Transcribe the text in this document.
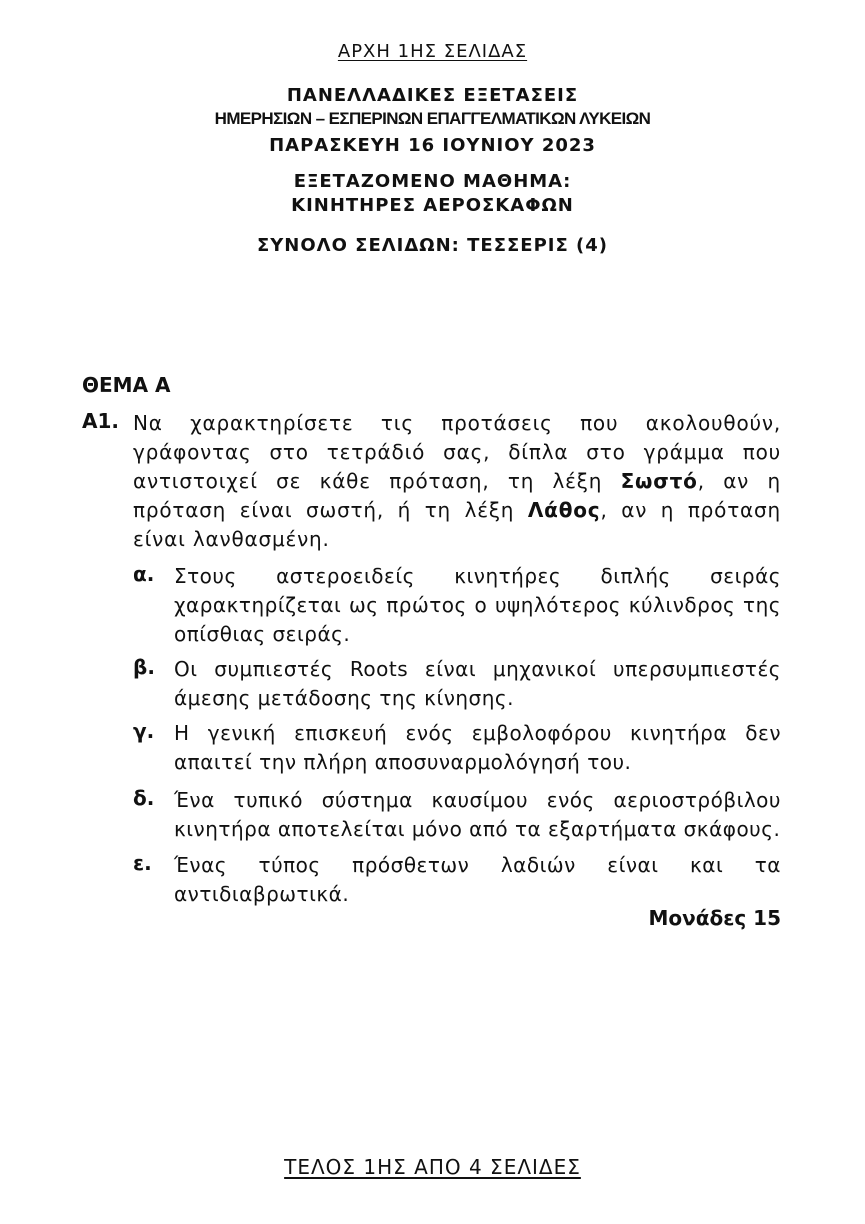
ΑΡΧΗ 1ΗΣ ΣΕΛΙΔΑΣ
ΠΑΝΕΛΛΑΔΙΚΕΣ ΕΞΕΤΑΣΕΙΣ
ΗΜΕΡΗΣΙΩΝ – ΕΣΠΕΡΙΝΩΝ ΕΠΑΓΓΕΛΜΑΤΙΚΩΝ ΛΥΚΕΙΩΝ
ΠΑΡΑΣΚΕΥΗ 16 ΙΟΥΝΙΟΥ 2023
ΕΞΕΤΑΖΟΜΕΝΟ ΜΑΘΗΜΑ:
ΚΙΝΗΤΗΡΕΣ ΑΕΡΟΣΚΑΦΩΝ
ΣΥΝΟΛΟ ΣΕΛΙΔΩΝ: ΤΕΣΣΕΡΙΣ (4)
ΘΕΜΑ Α
Α1. Να χαρακτηρίσετε τις προτάσεις που ακολουθούν, γράφοντας στο τετράδιό σας, δίπλα στο γράμμα που αντιστοιχεί σε κάθε πρόταση, τη λέξη Σωστό, αν η πρόταση είναι σωστή, ή τη λέξη Λάθος, αν η πρόταση είναι λανθασμένη.
α. Στους αστεροειδείς κινητήρες διπλής σειράς χαρακτηρίζεται ως πρώτος ο υψηλότερος κύλινδρος της οπίσθιας σειράς.
β. Οι συμπιεστές Roots είναι μηχανικοί υπερσυμπιεστές άμεσης μετάδοσης της κίνησης.
γ. Η γενική επισκευή ενός εμβολοφόρου κινητήρα δεν απαιτεί την πλήρη αποσυναρμολόγησή του.
δ. Ένα τυπικό σύστημα καυσίμου ενός αεριοστρόβιλου κινητήρα αποτελείται μόνο από τα εξαρτήματα σκάφους.
ε. Ένας τύπος πρόσθετων λαδιών είναι και τα αντιδιαβρωτικά.
Μονάδες 15
ΤΕΛΟΣ 1ΗΣ ΑΠΟ 4 ΣΕΛΙΔΕΣ
